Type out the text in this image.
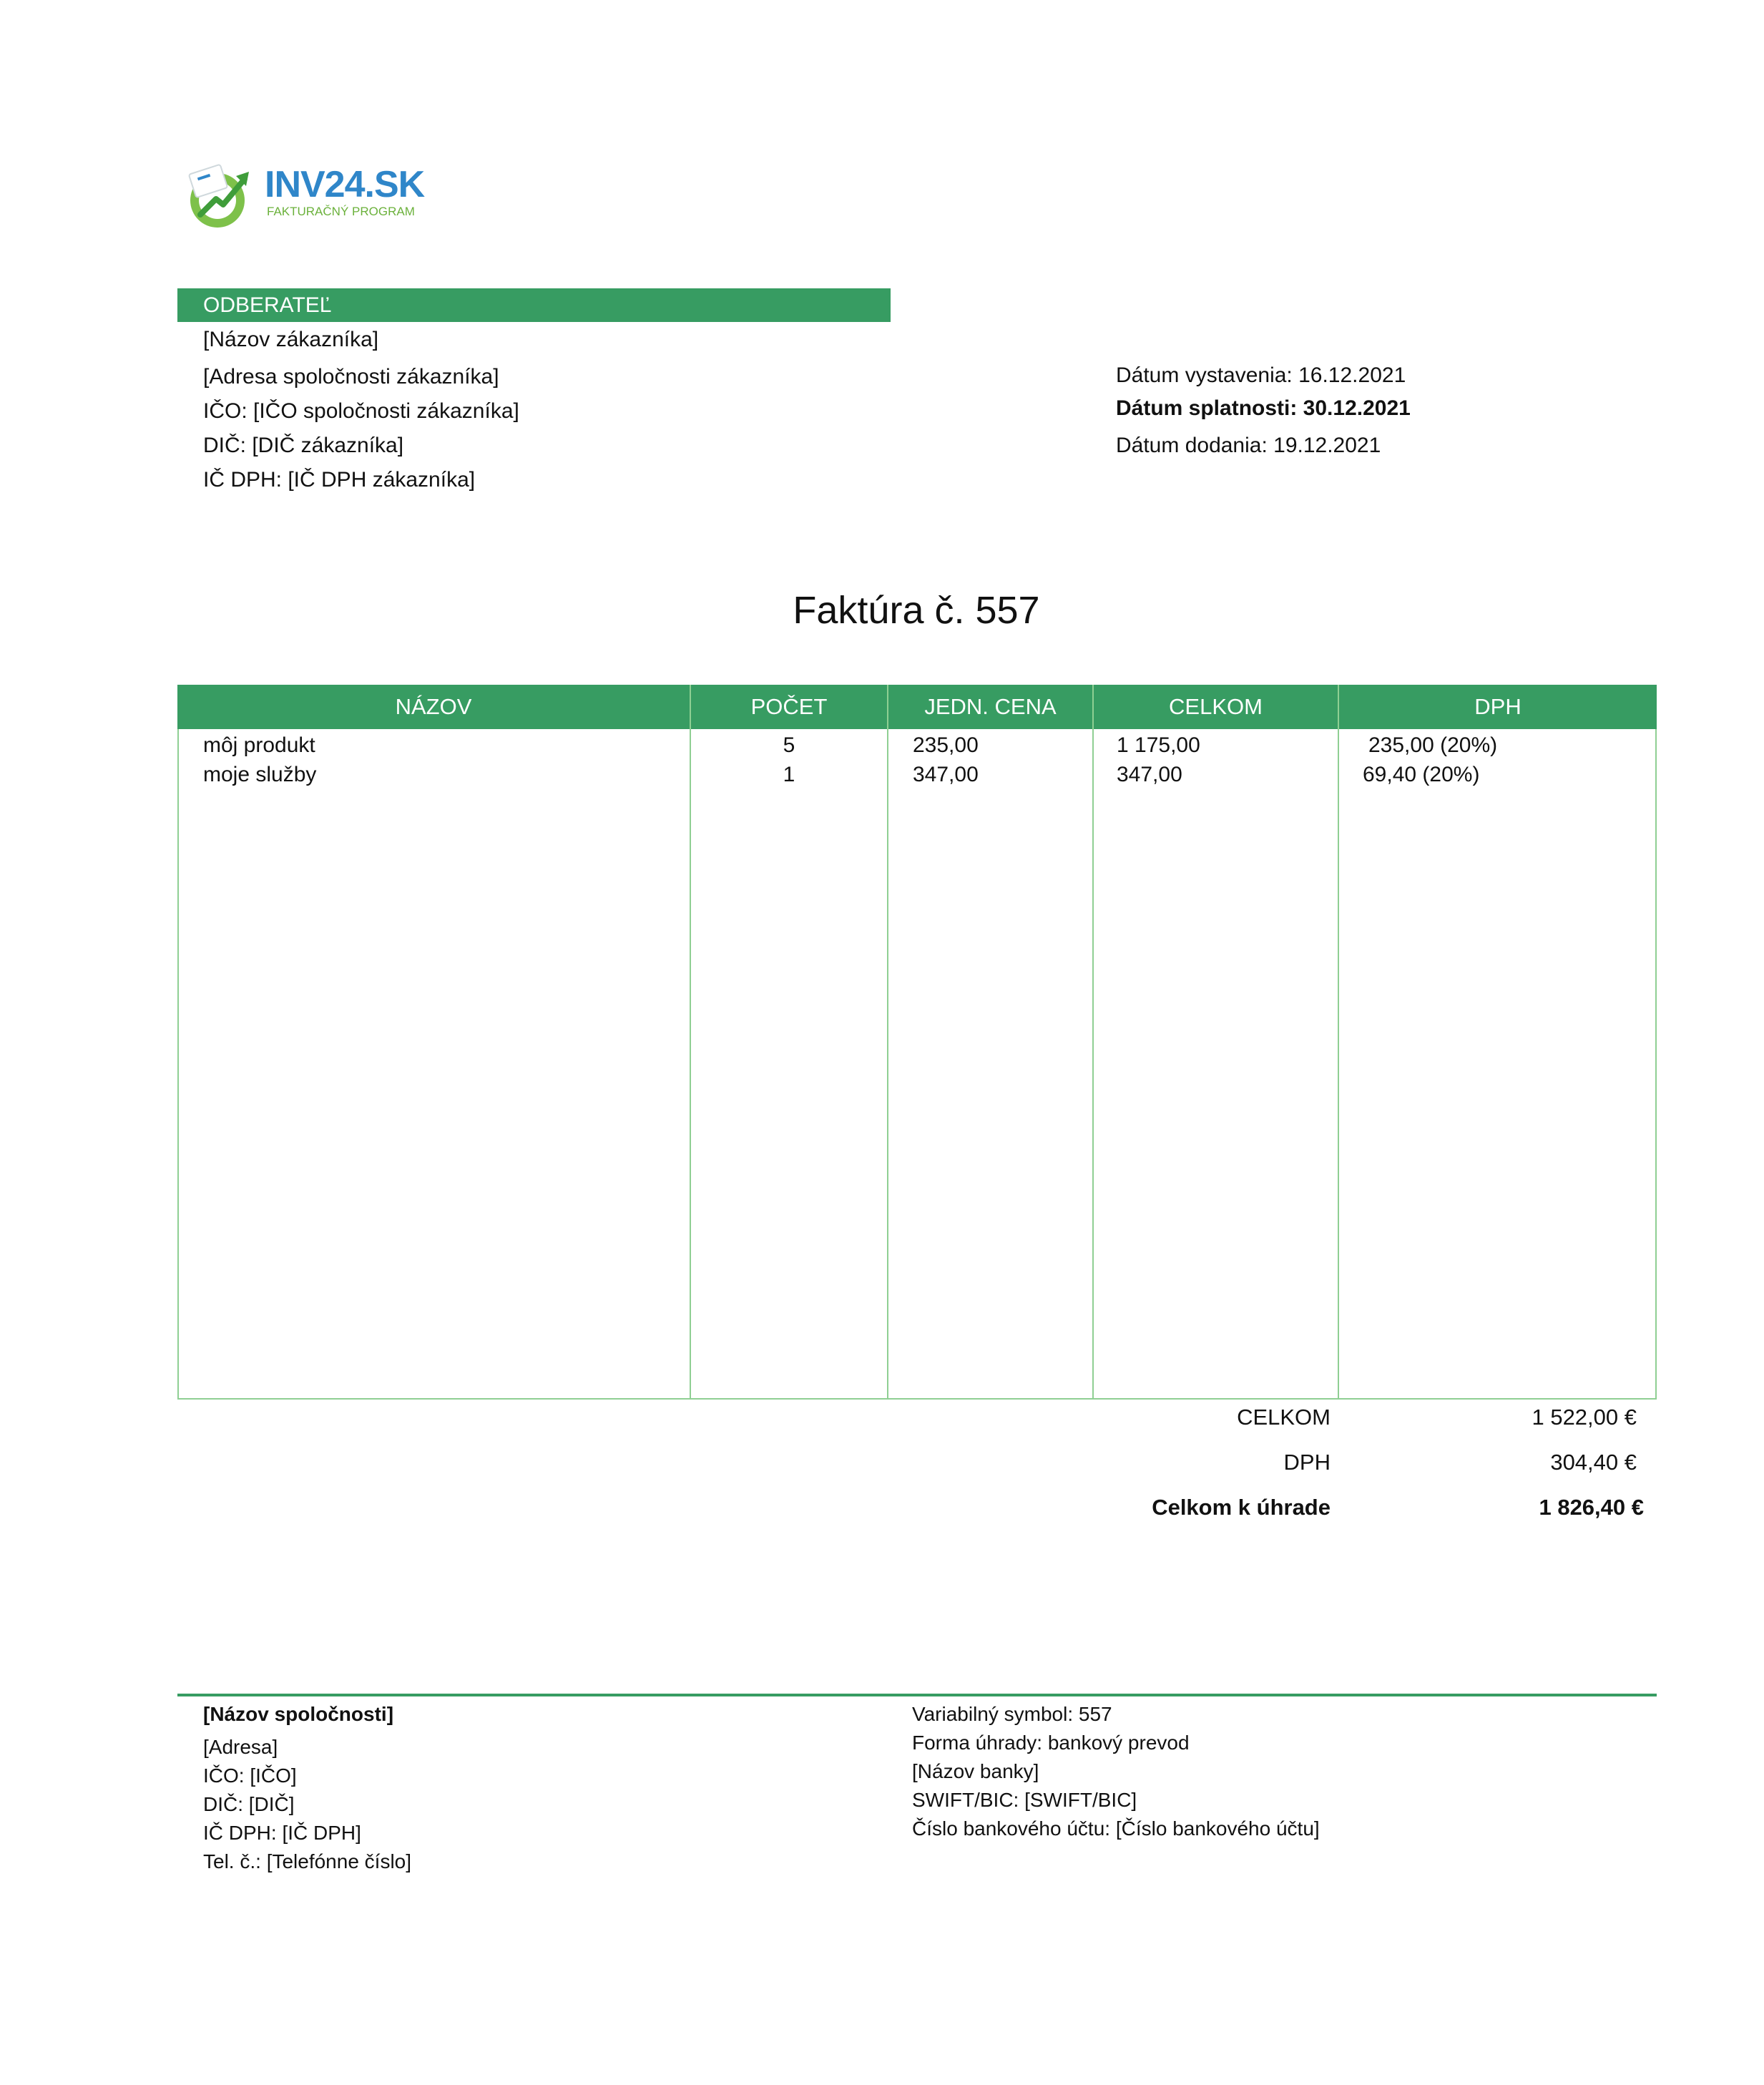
INV24.SK
FAKTURAČNÝ PROGRAM
ODBERATEĽ
[Názov zákazníka]
[Adresa spoločnosti zákazníka]
IČO: [IČO spoločnosti zákazníka]
DIČ: [DIČ zákazníka]
IČ DPH: [IČ DPH zákazníka]
Dátum vystavenia: 16.12.2021
Dátum splatnosti: 30.12.2021
Dátum dodania: 19.12.2021
Faktúra č. 557
NÁZOV	POČET	JEDN. CENA	CELKOM	DPH
môj produkt	5	235,00	1 175,00	235,00 (20%)
moje služby	1	347,00	347,00	69,40 (20%)
CELKOM	1 522,00 €
DPH	304,40 €
Celkom k úhrade	1 826,40 €
[Názov spoločnosti]
[Adresa]
IČO: [IČO]
DIČ: [DIČ]
IČ DPH: [IČ DPH]
Tel. č.: [Telefónne číslo]
Variabilný symbol: 557
Forma úhrady: bankový prevod
[Názov banky]
SWIFT/BIC: [SWIFT/BIC]
Číslo bankového účtu: [Číslo bankového účtu]
